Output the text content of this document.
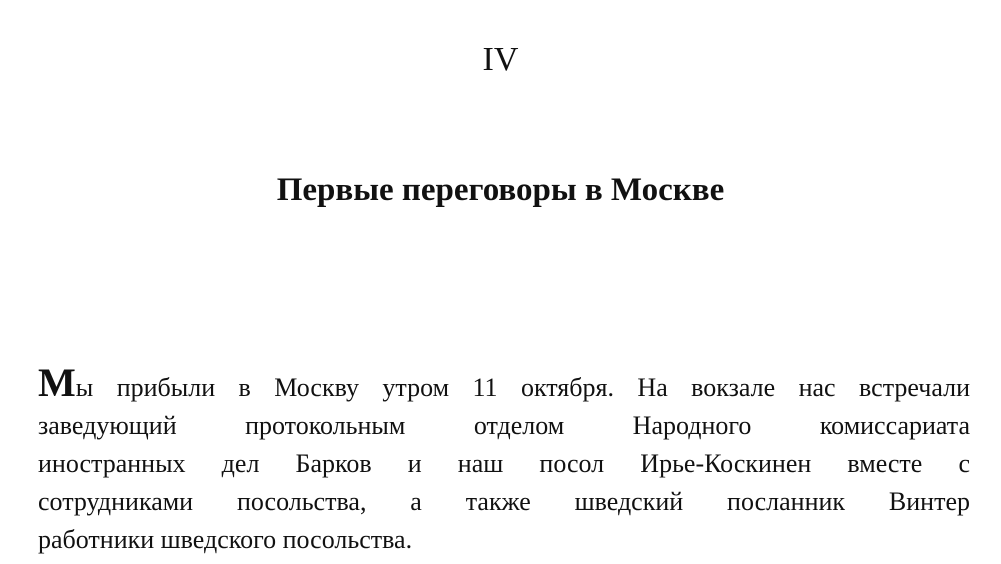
IV
Первые переговоры в Москве

Мы прибыли в Москву утром 11 октября. На вокзале нас встречали
заведующий протокольным отделом Народного комиссариата
иностранных дел Барков и наш посол Ирье-Коскинен вместе с
сотрудниками посольства, а также шведский посланник Винтер
работники шведского посольства.
